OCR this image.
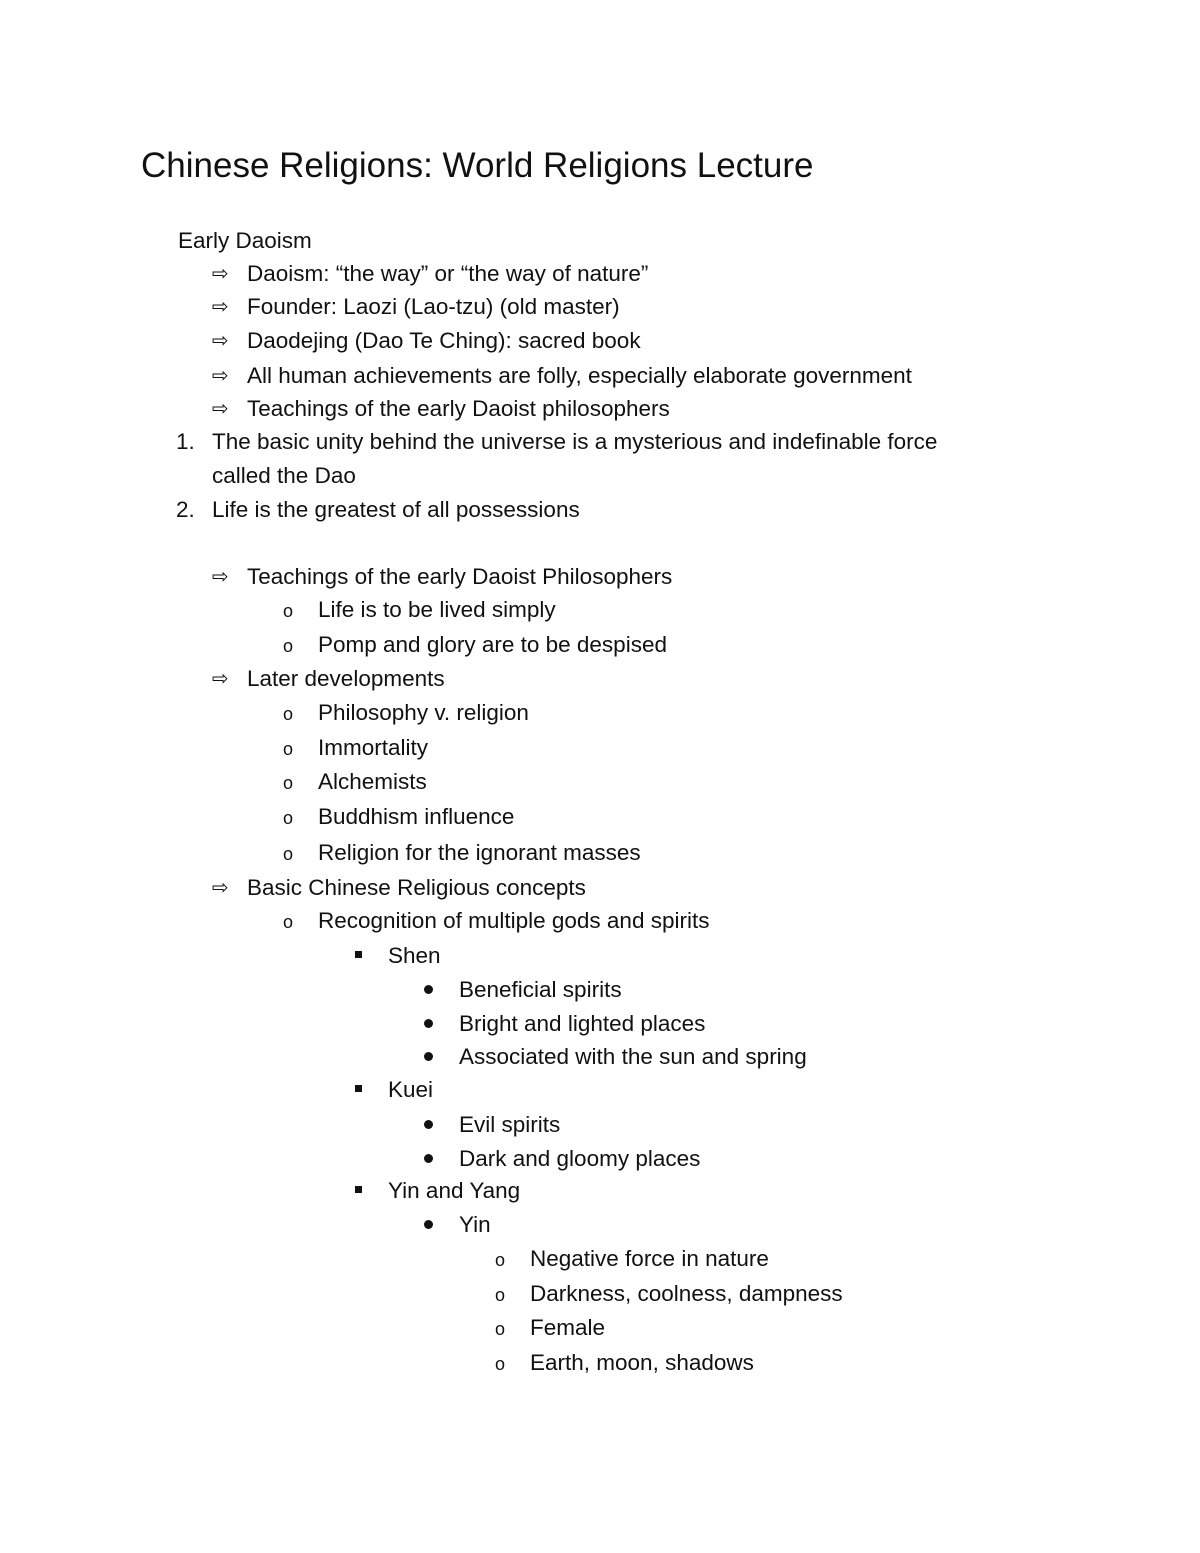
Chinese Religions: World Religions Lecture
Early Daoism
⇨ Daoism: “the way” or “the way of nature”
⇨ Founder: Laozi (Lao-tzu) (old master)
⇨ Daodejing (Dao Te Ching): sacred book
⇨ All human achievements are folly, especially elaborate government
⇨ Teachings of the early Daoist philosophers
1. The basic unity behind the universe is a mysterious and indefinable force
called the Dao
2. Life is the greatest of all possessions
⇨ Teachings of the early Daoist Philosophers
o Life is to be lived simply
o Pomp and glory are to be despised
⇨ Later developments
o Philosophy v. religion
o Immortality
o Alchemists
o Buddhism influence
o Religion for the ignorant masses
⇨ Basic Chinese Religious concepts
o Recognition of multiple gods and spirits
Shen
Beneficial spirits
Bright and lighted places
Associated with the sun and spring
Kuei
Evil spirits
Dark and gloomy places
Yin and Yang
Yin
o Negative force in nature
o Darkness, coolness, dampness
o Female
o Earth, moon, shadows
